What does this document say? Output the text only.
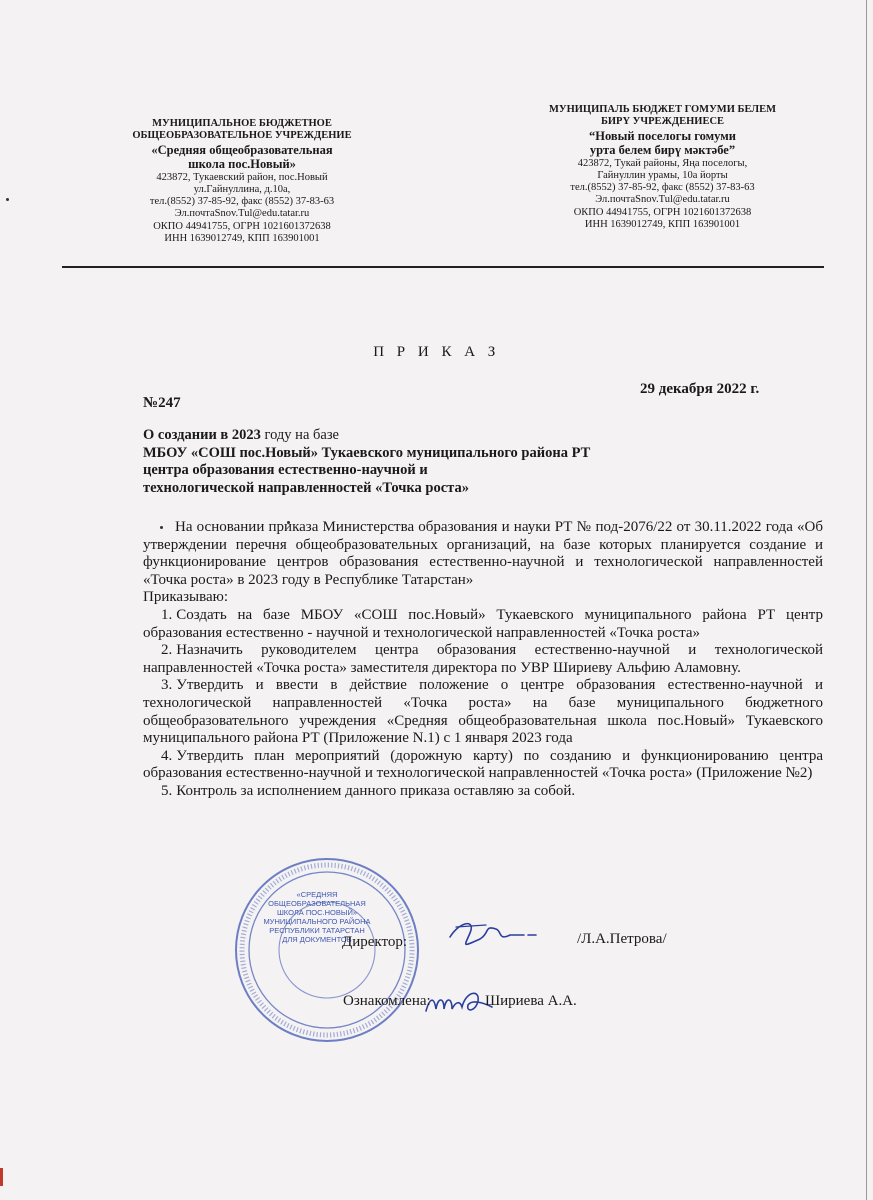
МУНИЦИПАЛЬНОЕ БЮДЖЕТНОЕ
ОБЩЕОБРАЗОВАТЕЛЬНОЕ УЧРЕЖДЕНИЕ
«Средняя общеобразовательная
школа пос.Новый»
423872, Тукаевский район, пос.Новый
ул.Гайнуллина, д.10а,
тел.(8552) 37-85-92, факс (8552) 37-83-63
Эл.почтаSnov.Tul@edu.tatar.ru
ОКПО 44941755, ОГРН 1021601372638
ИНН 1639012749, КПП 163901001
МУНИЦИПАЛЬ БЮДЖЕТ ГОМУМИ БЕЛЕМ
БИРҮ УЧРЕЖДЕНИЕСЕ
“Новый поселогы гомуми
урта белем бирү мәктәбе”
423872, Тукай районы, Яңа поселогы,
Гайнуллин урамы, 10а йорты
тел.(8552) 37-85-92, факс (8552) 37-83-63
Эл.почтаSnov.Tul@edu.tatar.ru
ОКПО 44941755, ОГРН 1021601372638
ИНН 1639012749, КПП 163901001
П Р И К А З
29 декабря 2022 г.
№247
О создании в 2023 году на базе
МБОУ «СОШ пос.Новый» Тукаевского муниципального района РТ
центра образования естественно-научной и
технологической направленностей «Точка роста»

На основании приказа Министерства образования и науки РТ № под-2076/22 от 30.11.2022 года «Об утверждении перечня общеобразовательных организаций, на базе которых планируется создание и функционирование центров образования естественно-научной и технологической направленностей «Точка роста» в 2023 году в Республике Татарстан»

Приказываю:

1. Создать на базе МБОУ «СОШ пос.Новый» Тукаевского муниципального района РТ центр образования естественно - научной и технологической направленностей «Точка роста»

2. Назначить руководителем центра образования естественно-научной и технологической направленностей «Точка роста» заместителя директора по УВР Шириеву Альфию Аламовну.

3. Утвердить и ввести в действие положение о центре образования естественно-научной и технологической направленностей «Точка роста» на базе муниципального бюджетного общеобразовательного учреждения «Средняя общеобразовательная школа пос.Новый» Тукаевского муниципального района РТ (Приложение N.1) с 1 января 2023 года

4. Утвердить план мероприятий (дорожную карту) по созданию и функционированию центра образования естественно-научной и технологической направленностей «Точка роста» (Приложение №2)

5. Контроль за исполнением данного приказа оставляю за собой.

«СРЕДНЯЯ
ОБЩЕОБРАЗОВАТЕЛЬНАЯ
ШКОЛА ПОС.НОВЫЙ»
МУНИЦИПАЛЬНОГО РАЙОНА
РЕСПУБЛИКИ ТАТАРСТАН
ДЛЯ ДОКУМЕНТОВ
Директор:	/Л.А.Петрова/
Ознакомлена:	Шириева А.А.
